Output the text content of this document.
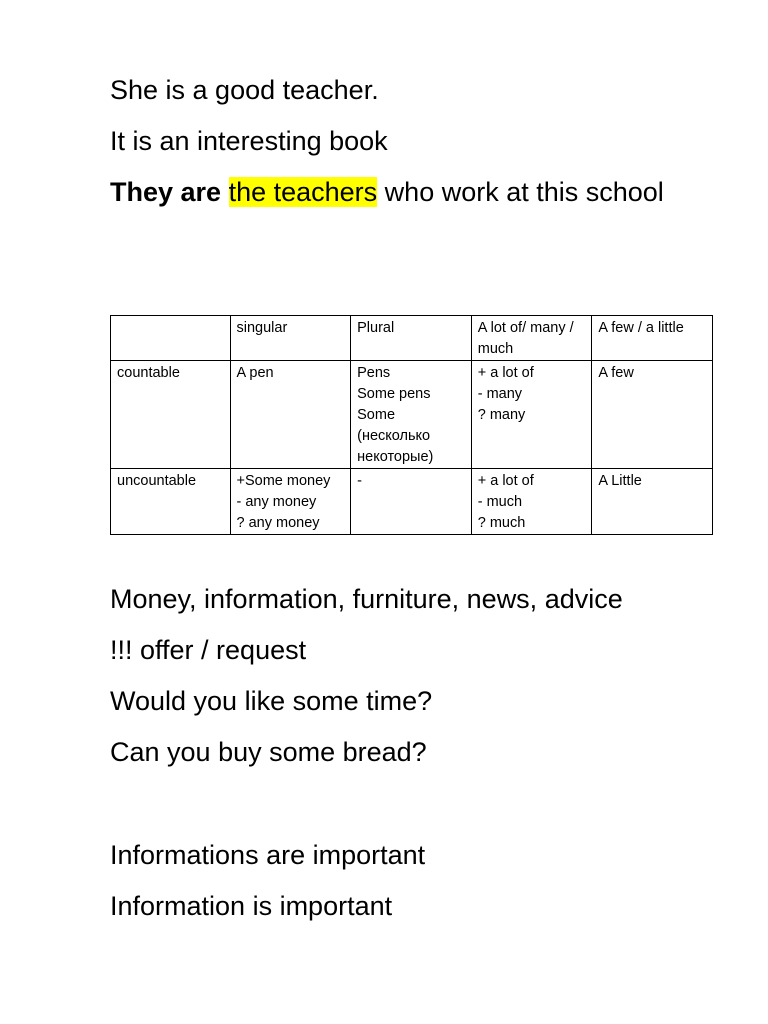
She is a good teacher.
It is an interesting book
They are the teachers who work at this school
	singular	Plural	A lot of/ many / much	A few / a little
countable	A pen	Pens
Some pens
Some
(несколько
некоторые)	+ a lot of
- many
? many	A few

uncountable	+Some money
- any money
? any money	-	+ a lot of
- much
? much	A Little
Money, information, furniture, news, advice
!!! offer / request
Would you like some time?
Can you buy some bread?
Informations are important
Information is important
